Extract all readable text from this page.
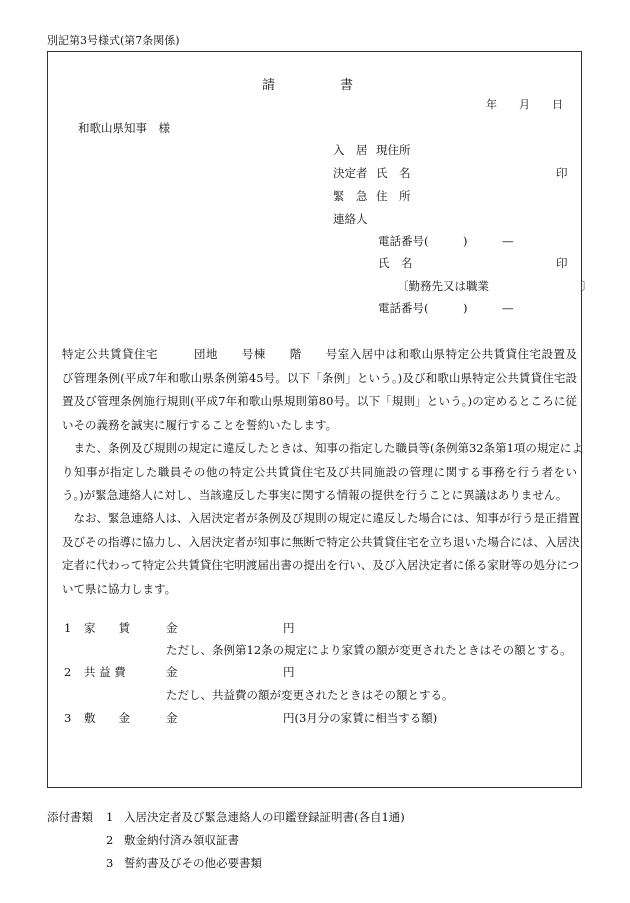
別記第3号様式(第7条関係)
請　　　　　書
年　　月　　日
和歌山県知事　様
入　居 現住所
決定者 氏　名	印
緊　急 住　所
連絡人
電話番号(　　　)　　　—
氏　名	印
〔勤務先又は職業　　　　　　　　〕
電話番号(　　　)　　　—
特定公共賃貸住宅　　　団地　　号棟　　階　　号室入居中は和歌山県特定公共賃貸住宅設置及
び管理条例(平成7年和歌山県条例第45号。以下「条例」という。)及び和歌山県特定公共賃貸住宅設
置及び管理条例施行規則(平成7年和歌山県規則第80号。以下「規則」という。)の定めるところに従
いその義務を誠実に履行することを誓約いたします。
　また、条例及び規則の規定に違反したときは、知事の指定した職員等(条例第32条第1項の規定によ
り知事が指定した職員その他の特定公共賃貸住宅及び共同施設の管理に関する事務を行う者をい
う。)が緊急連絡人に対し、当該違反した事実に関する情報の提供を行うことに異議はありません。
　なお、緊急連絡人は、入居決定者が条例及び規則の規定に違反した場合には、知事が行う是正措置
及びその指導に協力し、入居決定者が知事に無断で特定公共賃貸住宅を立ち退いた場合には、入居決
定者に代わって特定公共賃貸住宅明渡届出書の提出を行い、及び入居決定者に係る家財等の処分につ
いて県に協力します。
1 家　　賃	金	円
ただし、条例第12条の規定により家賃の額が変更されたときはその額とする。
2 共 益 費	金	円
ただし、共益費の額が変更されたときはその額とする。
3 敷　　金	金	円(3月分の家賃に相当する額)
添付書類 1 入居決定者及び緊急連絡人の印鑑登録証明書(各自1通)
2 敷金納付済み領収証書
3 誓約書及びその他必要書類
